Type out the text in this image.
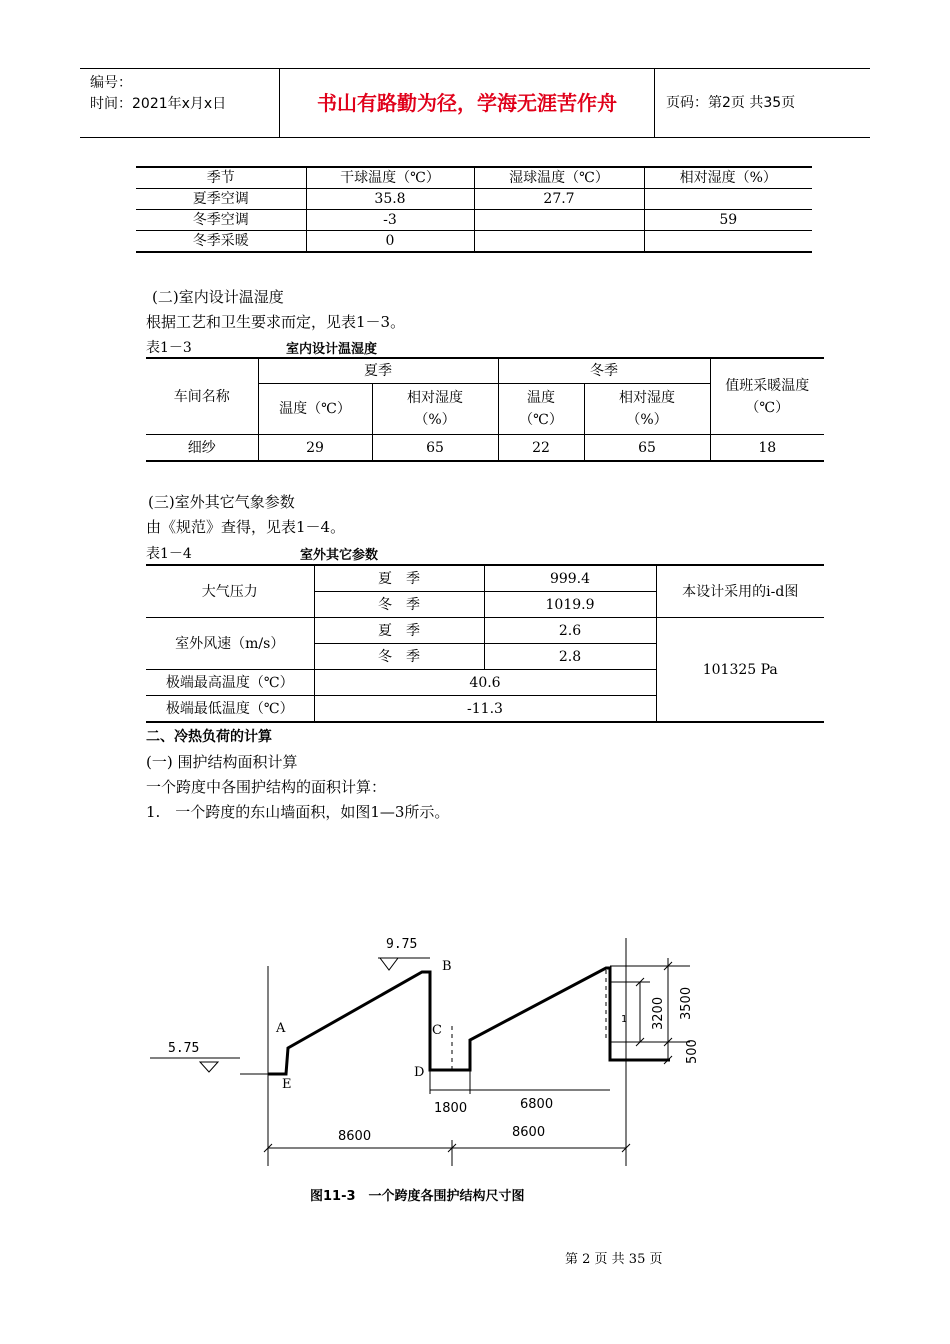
编号：
时间：2021年x月x日	书山有路勤为径，学海无涯苦作舟	页码：第2页 共35页
季节	干球温度（℃）	湿球温度（℃）	相对湿度（%）
夏季空调	35.8	27.7	
冬季空调	-3		59
冬季采暖	0		
(二)室内设计温湿度
根据工艺和卫生要求而定，见表1－3。
表1－3	室内设计温湿度
车间名称	夏季		冬季		值班采暖温度（℃）
	温度（℃）	相对湿度（%）	温度（℃）	相对湿度（%）	
细纱	29	65	22	65	18
(三)室外其它气象参数
由《规范》查得，见表1－4。
表1－4	室外其它参数
大气压力	夏　季	999.4	本设计采用的i-d图
	冬　季	1019.9	
室外风速（m/s）	夏　季	2.6	101325 Pa
	冬　季	2.8	
极端最高温度（℃）	40.6		
极端最低温度（℃）	-11.3		
二、冷热负荷的计算
(一) 围护结构面积计算
一个跨度中各围护结构的面积计算：
1.　一个跨度的东山墙面积，如图1—3所示。
9.75
5.75
A
B
C
D
E
1800	6800
8600	8600
1 3200 3500
500
图11-3　一个跨度各围护结构尺寸图
第 2 页 共 35 页
